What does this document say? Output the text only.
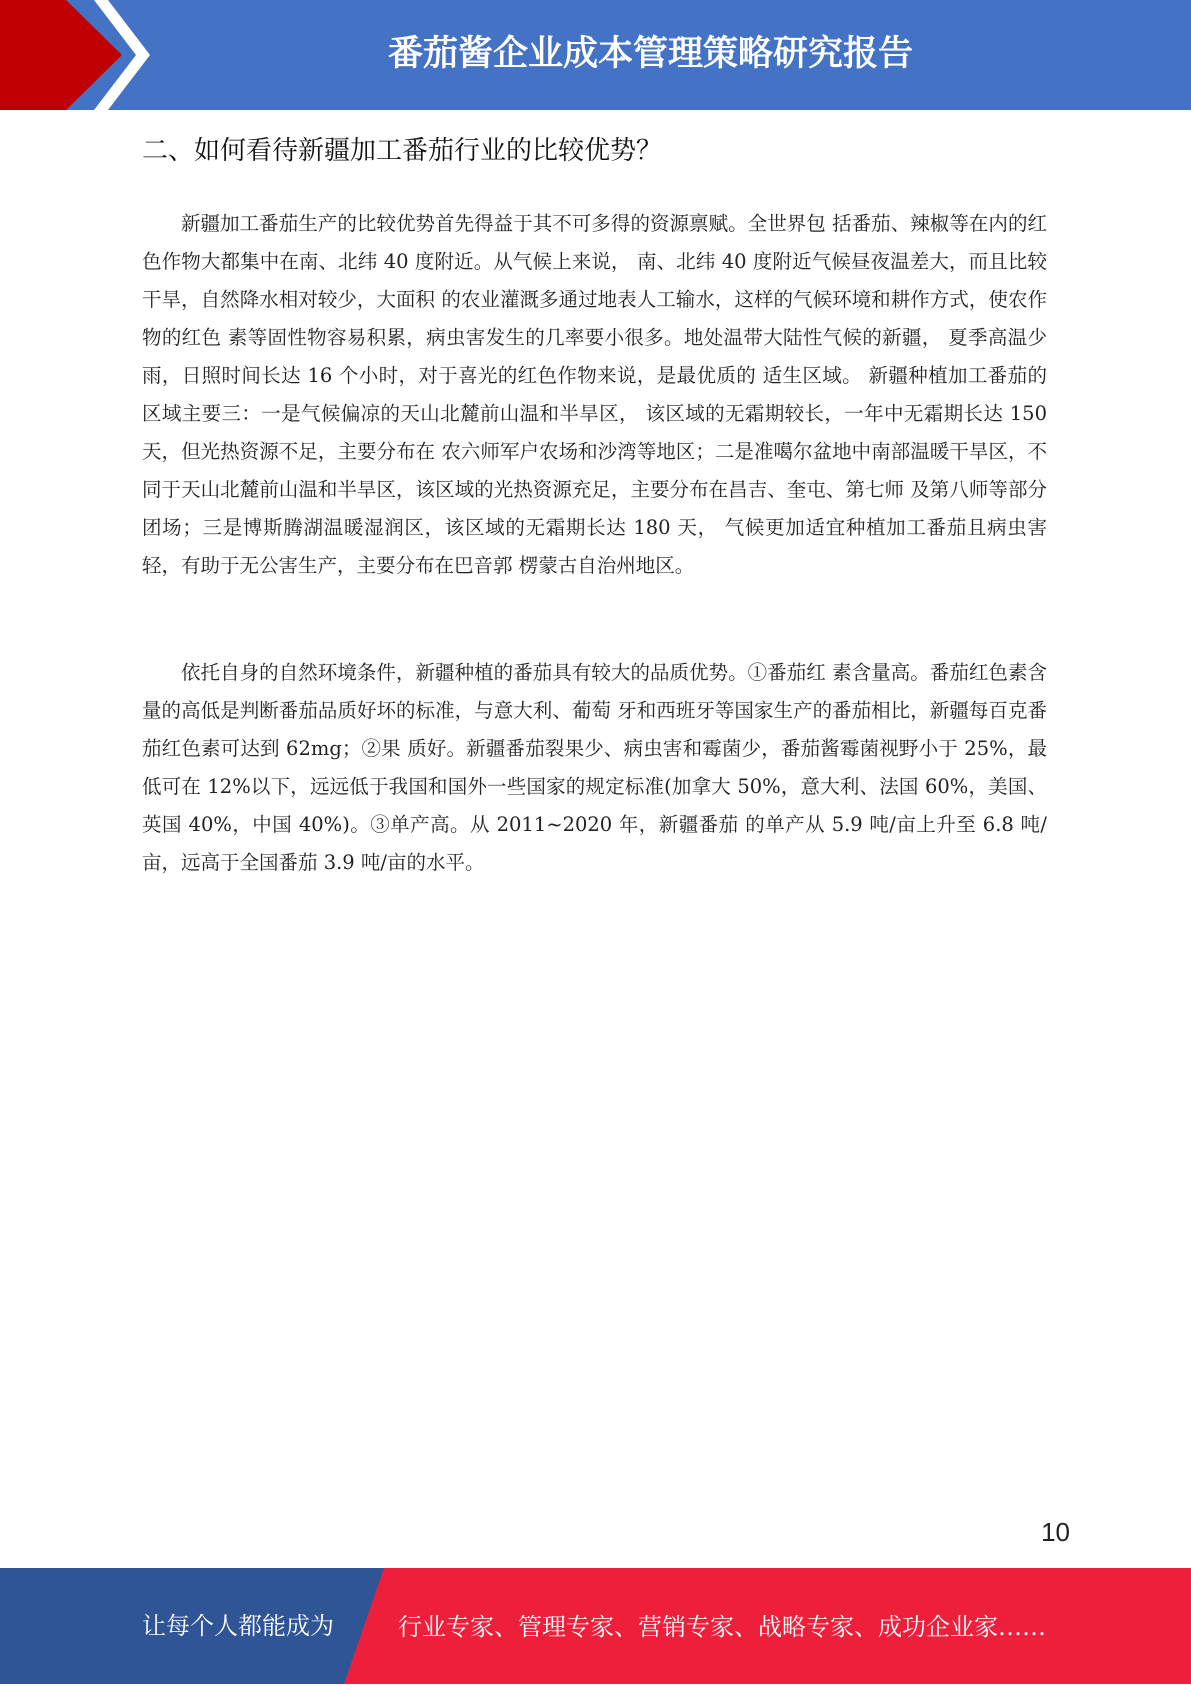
番茄酱企业成本管理策略研究报告
二、如何看待新疆加工番茄行业的比较优势？

新疆加工番茄生产的比较优势首先得益于其不可多得的资源禀赋。全世界包 括番茄、辣椒等在内的红色作物大都集中在南、北纬 40 度附近。从气候上来说， 南、北纬 40 度附近气候昼夜温差大，而且比较干旱，自然降水相对较少，大面积 的农业灌溉多通过地表人工输水，这样的气候环境和耕作方式，使农作物的红色 素等固性物容易积累，病虫害发生的几率要小很多。地处温带大陆性气候的新疆， 夏季高温少雨，日照时间长达 16 个小时，对于喜光的红色作物来说，是最优质的 适生区域。 新疆种植加工番茄的区域主要三：一是气候偏凉的天山北麓前山温和半旱区， 该区域的无霜期较长，一年中无霜期长达 150 天，但光热资源不足，主要分布在 农六师军户农场和沙湾等地区；二是准噶尔盆地中南部温暖干旱区，不同于天山北麓前山温和半旱区，该区域的光热资源充足，主要分布在昌吉、奎屯、第七师 及第八师等部分团场；三是博斯腾湖温暖湿润区，该区域的无霜期长达 180 天， 气候更加适宜种植加工番茄且病虫害轻，有助于无公害生产，主要分布在巴音郭 楞蒙古自治州地区。

依托自身的自然环境条件，新疆种植的番茄具有较大的品质优势。①番茄红 素含量高。番茄红色素含量的高低是判断番茄品质好坏的标准，与意大利、葡萄 牙和西班牙等国家生产的番茄相比，新疆每百克番茄红色素可达到 62mg；②果 质好。新疆番茄裂果少、病虫害和霉菌少，番茄酱霉菌视野小于 25%，最低可在 12%以下，远远低于我国和国外一些国家的规定标准(加拿大 50%，意大利、法国 60%，美国、英国 40%，中国 40%)。③单产高。从 2011~2020 年，新疆番茄 的单产从 5.9 吨/亩上升至 6.8 吨/亩，远高于全国番茄 3.9 吨/亩的水平。

10
让每个人都能成为	行业专家、管理专家、营销专家、战略专家、成功企业家……
